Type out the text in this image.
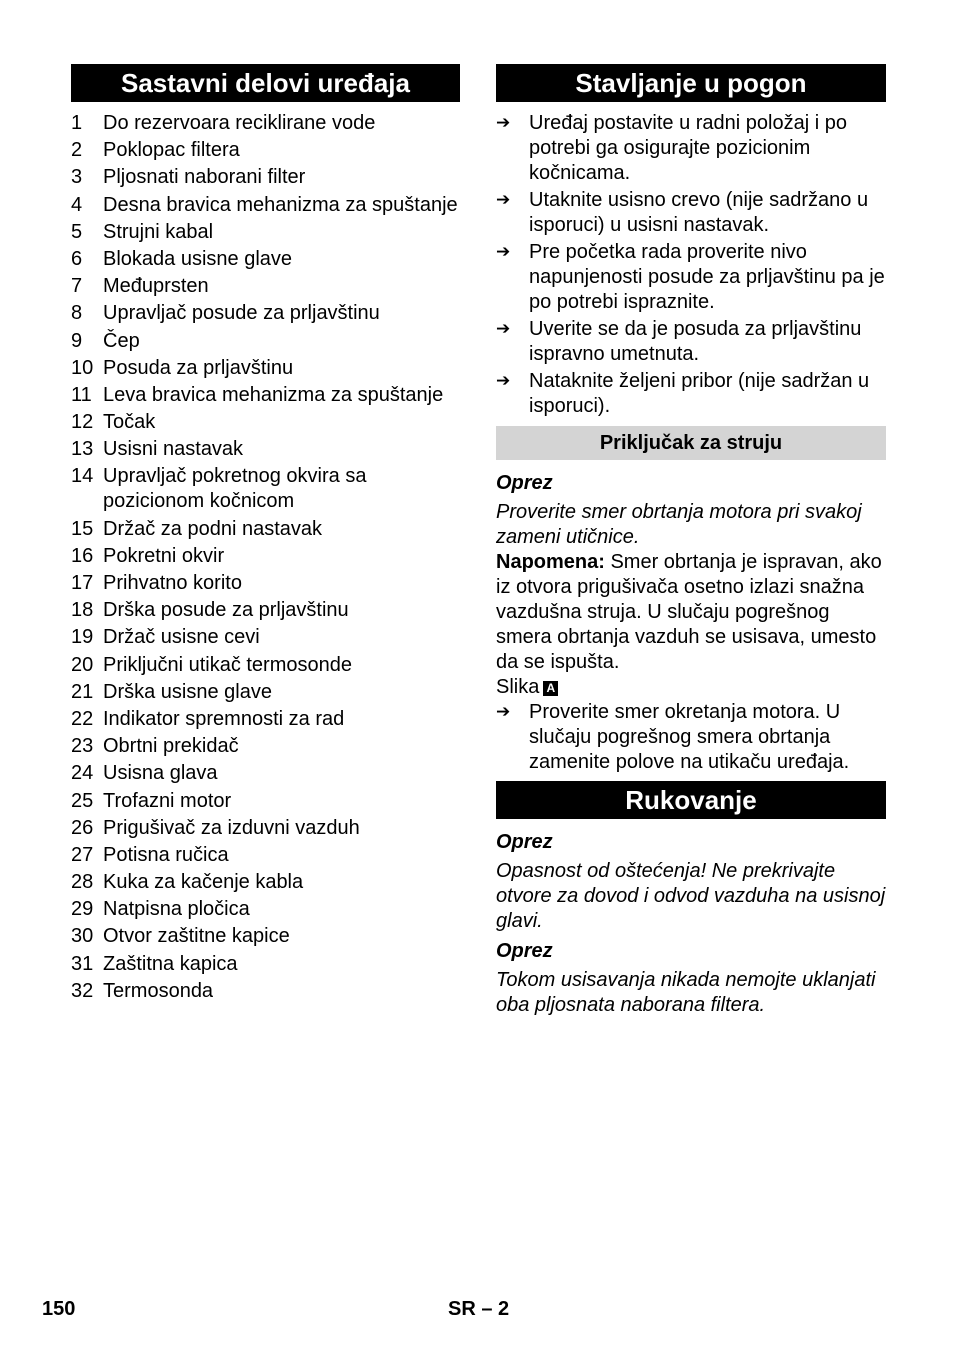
Sastavni delovi uređaja
1	Do rezervoara reciklirane vode
2	Poklopac filtera
3	Pljosnati naborani filter
4	Desna bravica mehanizma za spuštanje
5	Strujni kabal
6	Blokada usisne glave
7	Međuprsten
8	Upravljač posude za prljavštinu
9	Čep
10 Posuda za prljavštinu
11 Leva bravica mehanizma za spuštanje
12 Točak
13 Usisni nastavak
14 Upravljač pokretnog okvira sa pozicionom kočnicom
15 Držač za podni nastavak
16 Pokretni okvir
17 Prihvatno korito
18 Drška posude za prljavštinu
19 Držač usisne cevi
20 Priključni utikač termosonde
21 Drška usisne glave
22 Indikator spremnosti za rad
23 Obrtni prekidač
24 Usisna glava
25 Trofazni motor
26 Prigušivač za izduvni vazduh
27 Potisna ručica
28 Kuka za kačenje kabla
29 Natpisna pločica
30 Otvor zaštitne kapice
31 Zaštitna kapica
32 Termosonda
Stavljanje u pogon
➔ Uređaj postavite u radni položaj i po potrebi ga osigurajte pozicionim kočnicama.
➔ Utaknite usisno crevo (nije sadržano u isporuci) u usisni nastavak.
➔ Pre početka rada proverite nivo napunjenosti posude za prljavštinu pa je po potrebi ispraznite.
➔ Uverite se da je posuda za prljavštinu ispravno umetnuta.
➔ Nataknite željeni pribor (nije sadržan u isporuci).
Priključak za struju
Oprez
Proverite smer obrtanja motora pri svakoj zameni utičnice.
Napomena: Smer obrtanja je ispravan, ako iz otvora prigušivača osetno izlazi snažna vazdušna struja. U slučaju pogrešnog smera obrtanja vazduh se usisava, umesto da se ispušta.
Slika A
➔ Proverite smer okretanja motora. U slučaju pogrešnog smera obrtanja zamenite polove na utikaču uređaja.
Rukovanje
Oprez
Opasnost od oštećenja! Ne prekrivajte otvore za dovod i odvod vazduha na usisnoj glavi.
Oprez
Tokom usisavanja nikada nemojte uklanjati oba pljosnata naborana filtera.
150	SR – 2
